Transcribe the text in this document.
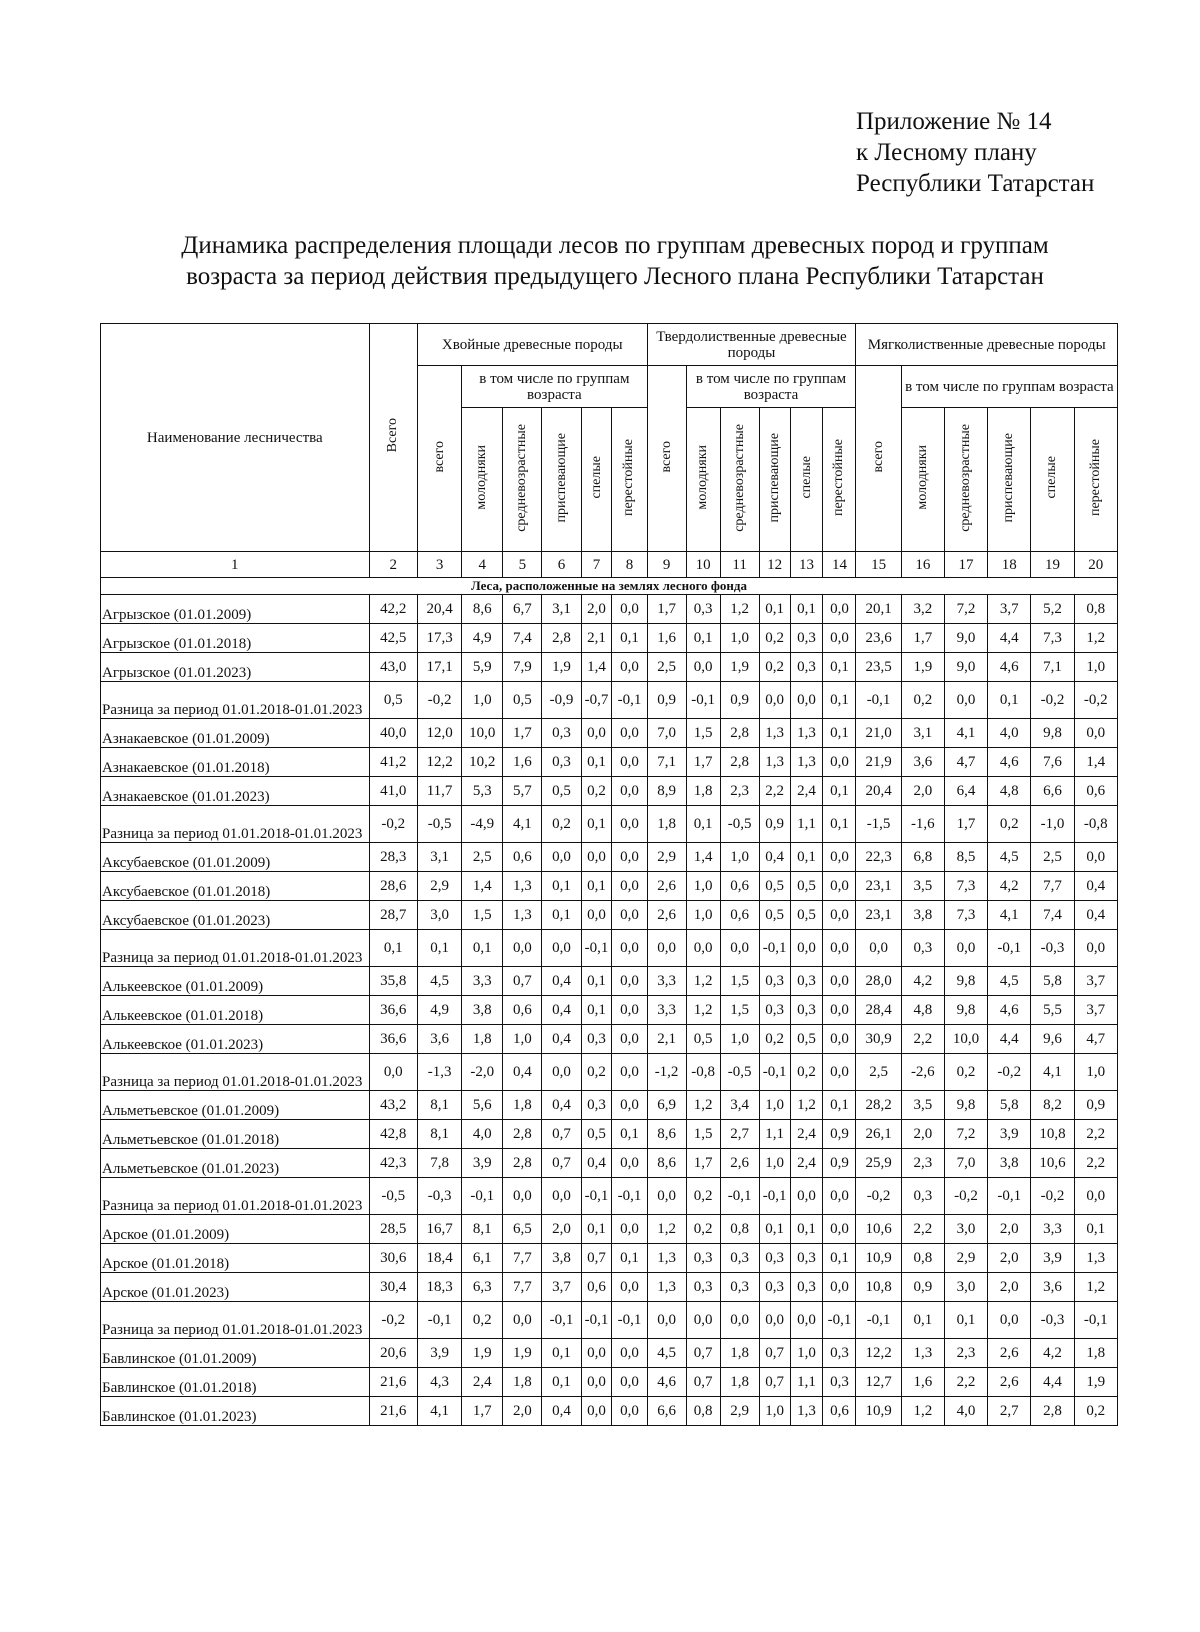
Приложение № 14
к Лесному плану
Республики Татарстан
Динамика распределения площади лесов по группам древесных пород и группам
возраста за период действия предыдущего Лесного плана Республики Татарстан
Наименование лесничества	Всего	Хвойные древесные породы						Твердолиственные древесные породы						Мягколиственные древесные породы					
		всего	в том числе по группам возраста					всего	в том числе по группам возраста					всего	в том числе по группам возраста				
			молодняки	средневозрастные	приспевающие	спелые	перестойные		молодняки	средневозрастные	приспевающие	спелые	перестойные		молодняки	средневозрастные	приспевающие	спелые	перестойные
1	2	3	4	5	6	7	8	9	10	11	12	13	14	15	16	17	18	19	20
Леса, расположенные на землях лесного фонда																			
Агрызское (01.01.2009)	42,2	20,4	8,6	6,7	3,1	2,0	0,0	1,7	0,3	1,2	0,1	0,1	0,0	20,1	3,2	7,2	3,7	5,2	0,8
Агрызское (01.01.2018)	42,5	17,3	4,9	7,4	2,8	2,1	0,1	1,6	0,1	1,0	0,2	0,3	0,0	23,6	1,7	9,0	4,4	7,3	1,2
Агрызское (01.01.2023)	43,0	17,1	5,9	7,9	1,9	1,4	0,0	2,5	0,0	1,9	0,2	0,3	0,1	23,5	1,9	9,0	4,6	7,1	1,0
Разница за период 01.01.2018-01.01.2023	0,5	-0,2	1,0	0,5	-0,9	-0,7	-0,1	0,9	-0,1	0,9	0,0	0,0	0,1	-0,1	0,2	0,0	0,1	-0,2	-0,2
Азнакаевское (01.01.2009)	40,0	12,0	10,0	1,7	0,3	0,0	0,0	7,0	1,5	2,8	1,3	1,3	0,1	21,0	3,1	4,1	4,0	9,8	0,0
Азнакаевское (01.01.2018)	41,2	12,2	10,2	1,6	0,3	0,1	0,0	7,1	1,7	2,8	1,3	1,3	0,0	21,9	3,6	4,7	4,6	7,6	1,4
Азнакаевское (01.01.2023)	41,0	11,7	5,3	5,7	0,5	0,2	0,0	8,9	1,8	2,3	2,2	2,4	0,1	20,4	2,0	6,4	4,8	6,6	0,6
Разница за период 01.01.2018-01.01.2023	-0,2	-0,5	-4,9	4,1	0,2	0,1	0,0	1,8	0,1	-0,5	0,9	1,1	0,1	-1,5	-1,6	1,7	0,2	-1,0	-0,8
Аксубаевское (01.01.2009)	28,3	3,1	2,5	0,6	0,0	0,0	0,0	2,9	1,4	1,0	0,4	0,1	0,0	22,3	6,8	8,5	4,5	2,5	0,0
Аксубаевское (01.01.2018)	28,6	2,9	1,4	1,3	0,1	0,1	0,0	2,6	1,0	0,6	0,5	0,5	0,0	23,1	3,5	7,3	4,2	7,7	0,4
Аксубаевское (01.01.2023)	28,7	3,0	1,5	1,3	0,1	0,0	0,0	2,6	1,0	0,6	0,5	0,5	0,0	23,1	3,8	7,3	4,1	7,4	0,4
Разница за период 01.01.2018-01.01.2023	0,1	0,1	0,1	0,0	0,0	-0,1	0,0	0,0	0,0	0,0	-0,1	0,0	0,0	0,0	0,3	0,0	-0,1	-0,3	0,0
Алькеевское (01.01.2009)	35,8	4,5	3,3	0,7	0,4	0,1	0,0	3,3	1,2	1,5	0,3	0,3	0,0	28,0	4,2	9,8	4,5	5,8	3,7
Алькеевское (01.01.2018)	36,6	4,9	3,8	0,6	0,4	0,1	0,0	3,3	1,2	1,5	0,3	0,3	0,0	28,4	4,8	9,8	4,6	5,5	3,7
Алькеевское (01.01.2023)	36,6	3,6	1,8	1,0	0,4	0,3	0,0	2,1	0,5	1,0	0,2	0,5	0,0	30,9	2,2	10,0	4,4	9,6	4,7
Разница за период 01.01.2018-01.01.2023	0,0	-1,3	-2,0	0,4	0,0	0,2	0,0	-1,2	-0,8	-0,5	-0,1	0,2	0,0	2,5	-2,6	0,2	-0,2	4,1	1,0
Альметьевское (01.01.2009)	43,2	8,1	5,6	1,8	0,4	0,3	0,0	6,9	1,2	3,4	1,0	1,2	0,1	28,2	3,5	9,8	5,8	8,2	0,9
Альметьевское (01.01.2018)	42,8	8,1	4,0	2,8	0,7	0,5	0,1	8,6	1,5	2,7	1,1	2,4	0,9	26,1	2,0	7,2	3,9	10,8	2,2
Альметьевское (01.01.2023)	42,3	7,8	3,9	2,8	0,7	0,4	0,0	8,6	1,7	2,6	1,0	2,4	0,9	25,9	2,3	7,0	3,8	10,6	2,2
Разница за период 01.01.2018-01.01.2023	-0,5	-0,3	-0,1	0,0	0,0	-0,1	-0,1	0,0	0,2	-0,1	-0,1	0,0	0,0	-0,2	0,3	-0,2	-0,1	-0,2	0,0
Арское (01.01.2009)	28,5	16,7	8,1	6,5	2,0	0,1	0,0	1,2	0,2	0,8	0,1	0,1	0,0	10,6	2,2	3,0	2,0	3,3	0,1
Арское (01.01.2018)	30,6	18,4	6,1	7,7	3,8	0,7	0,1	1,3	0,3	0,3	0,3	0,3	0,1	10,9	0,8	2,9	2,0	3,9	1,3
Арское (01.01.2023)	30,4	18,3	6,3	7,7	3,7	0,6	0,0	1,3	0,3	0,3	0,3	0,3	0,0	10,8	0,9	3,0	2,0	3,6	1,2
Разница за период 01.01.2018-01.01.2023	-0,2	-0,1	0,2	0,0	-0,1	-0,1	-0,1	0,0	0,0	0,0	0,0	0,0	-0,1	-0,1	0,1	0,1	0,0	-0,3	-0,1
Бавлинское (01.01.2009)	20,6	3,9	1,9	1,9	0,1	0,0	0,0	4,5	0,7	1,8	0,7	1,0	0,3	12,2	1,3	2,3	2,6	4,2	1,8
Бавлинское (01.01.2018)	21,6	4,3	2,4	1,8	0,1	0,0	0,0	4,6	0,7	1,8	0,7	1,1	0,3	12,7	1,6	2,2	2,6	4,4	1,9
Бавлинское (01.01.2023)	21,6	4,1	1,7	2,0	0,4	0,0	0,0	6,6	0,8	2,9	1,0	1,3	0,6	10,9	1,2	4,0	2,7	2,8	0,2
